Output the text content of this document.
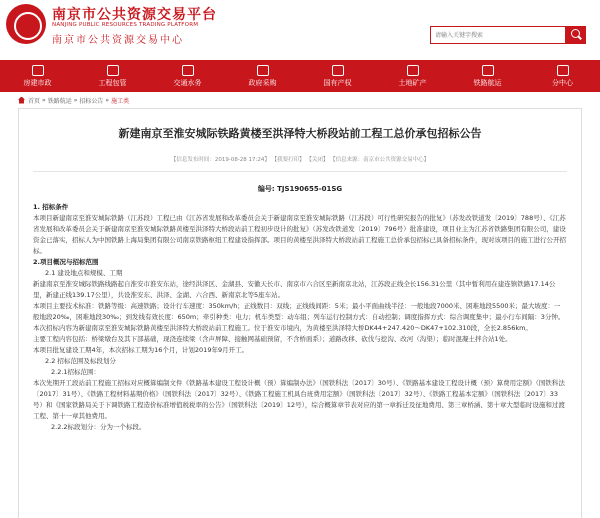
南京市公共资源交易平台
NANJING PUBLIC RESOURCES TRADING PLATFORM
南京市公共资源交易中心
请输入关键字搜索
房建市政	工程包管	交通水务	政府采购	国有产权	土地矿产	铁路航运	分中心
首页 » 铁路航运 » 招标公告 » 施工类
新建南京至淮安城际铁路黄楼至洪泽特大桥段站前工程工总价承包招标公告
【信息发布时间：2019-08-28 17:24】 【我要打印】 【关闭】 【信息来源：南京市公共资源交易中心】
编号: TJS190655-01SG
1. 招标条件
本项目新建南京至淮安城际铁路（江苏段）工程已由《江苏省发展和改革委员会关于新建南京至淮安城际铁路（江苏段）可行性研究报告的批复》（苏发改铁道发〔2019〕788号）、《江苏省发展和改革委员会关于新建南京至淮安城际铁路黄楼至洪泽特大桥段站前工程初步设计的批复》（苏发改铁道发〔2019〕796号）批准建设，项目业主为江苏省铁路集团有限公司，建设资金已落实，招标人为中国铁路上海局集团有限公司南京铁路枢纽工程建设指挥部。项目的黄楼至洪泽特大桥段站前工程施工总价承包招标已具备招标条件，现对该项目的施工进行公开招标。
2.项目概况与招标范围
2.1 建设地点和规模、工期
新建南京至淮安城际铁路线路起自淮安市淮安东站，途经洪泽区、金湖县、安徽天长市、南京市六合区至新南京北站，江苏段正线全长156.31公里（其中暂利用在建连镇铁路17.14公里，新建正线139.17公里），共设淮安东、洪泽、金湖、六合西、新南京北等5座车站。
本项目主要技术标准：铁路等级：高速铁路；设计行车速度：350km/h；正线数目：双线；正线线间距：5米；最小平面曲线半径：一般地段7000米、困难地段5500米；最大坡度：一般地段20‰，困难地段30‰；到发线有效长度：650m；牵引种类：电力；机车类型：动车组；列车运行控制方式：自动控制；调度指挥方式：综合调度集中；最小行车间隔：3分钟。
本次招标内容为新建南京至淮安城际铁路黄楼至洪泽特大桥段站前工程施工。位于淮安市境内，为黄楼至洪泽特大桥DK44+247.420～DK47+102.310段，全长2.856km。
主要工程内容包括：桥梁墩台及其下部基础，现浇连续梁（含声屏障、接触网基础预留，不含桥面系）；道路改移、砍伐与挖沟、改河（沟渠）；临时混凝土拌合站1处。
本项目批复建设工期4年，本次招标工期为16个月，计划2019年9月开工。
2.2 招标范围及标段划分
2.2.1招标范围：
本次先期开工段站前工程施工招标对应概算编制文件《铁路基本建设工程设计概（预）算编制办法》（国铁科法〔2017〕30号）、《铁路基本建设工程设计概（预）算费用定额》（国铁科法〔2017〕31号）、《铁路工程材料基期价格》（国铁科法〔2017〕32号）、《铁路工程施工机具台班费用定额》（国铁科法〔2017〕32号）、《铁路工程基本定额》（国铁科法〔2017〕33号）和《国家铁路局关于下调铁路工程造价标准增值税税率的公告》（国铁科法〔2019〕12号），综合概算章节表对应的第一章拆迁及征地费用、第三章桥涵、第十章大型临时设施和过渡工程、第十一章其他费用。
2.2.2标段划分：分为一个标段。
